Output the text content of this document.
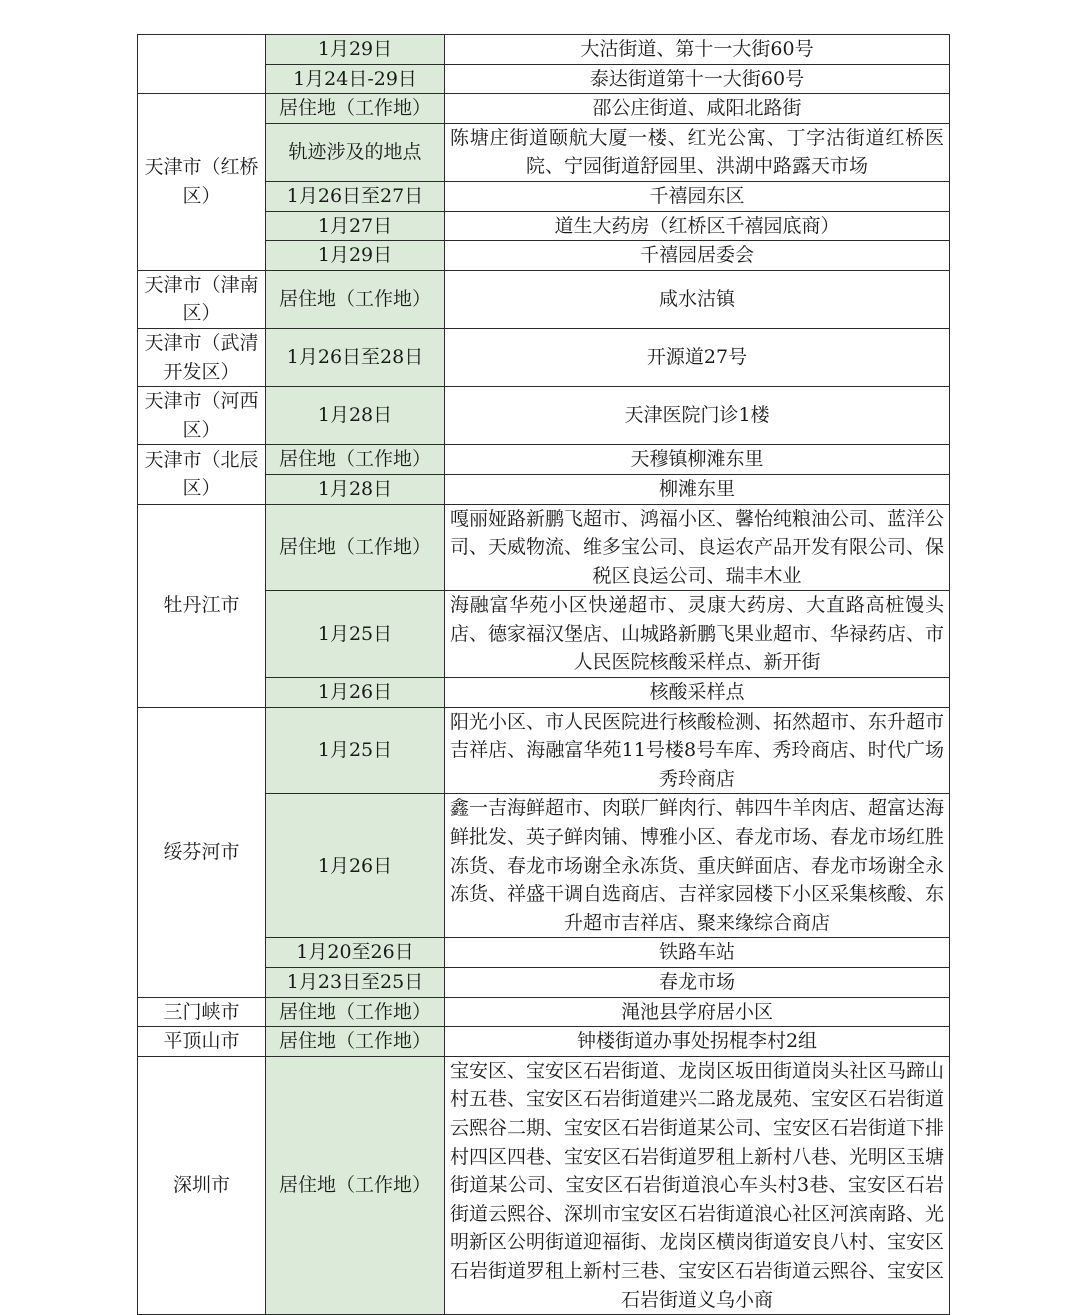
	1月29日	大沽街道、第十一大街60号
	1月24日-29日	泰达街道第十一大街60号
天津市（红桥区）	居住地（工作地）	邵公庄街道、咸阳北路街
	轨迹涉及的地点	陈塘庄街道颐航大厦一楼、红光公寓、丁字沽街道红桥医院、宁园街道舒园里、洪湖中路露天市场
	1月26日至27日	千禧园东区
	1月27日	道生大药房（红桥区千禧园底商）
	1月29日	千禧园居委会
天津市（津南区）	居住地（工作地）	咸水沽镇
天津市（武清开发区）	1月26日至28日	开源道27号
天津市（河西区）	1月28日	天津医院门诊1楼
天津市（北辰区）	居住地（工作地）	天穆镇柳滩东里
	1月28日	柳滩东里
牡丹江市	居住地（工作地）	嘎丽娅路新鹏飞超市、鸿福小区、馨怡纯粮油公司、蓝洋公司、天威物流、维多宝公司、良运农产品开发有限公司、保税区良运公司、瑞丰木业
	1月25日	海融富华苑小区快递超市、灵康大药房、大直路高桩馒头店、德家福汉堡店、山城路新鹏飞果业超市、华禄药店、市人民医院核酸采样点、新开街
	1月26日	核酸采样点
绥芬河市	1月25日	阳光小区、市人民医院进行核酸检测、拓然超市、东升超市吉祥店、海融富华苑11号楼8号车库、秀玲商店、时代广场秀玲商店
	1月26日	鑫一吉海鲜超市、肉联厂鲜肉行、韩四牛羊肉店、超富达海鲜批发、英子鲜肉铺、博雅小区、春龙市场、春龙市场红胜冻货、春龙市场谢全永冻货、重庆鲜面店、春龙市场谢全永冻货、祥盛干调自选商店、吉祥家园楼下小区采集核酸、东升超市吉祥店、聚来缘综合商店
	1月20至26日	铁路车站
	1月23日至25日	春龙市场
三门峡市	居住地（工作地）	渑池县学府居小区
平顶山市	居住地（工作地）	钟楼街道办事处拐棍李村2组
深圳市	居住地（工作地）	宝安区、宝安区石岩街道、龙岗区坂田街道岗头社区马蹄山村五巷、宝安区石岩街道建兴二路龙晟苑、宝安区石岩街道云熙谷二期、宝安区石岩街道某公司、宝安区石岩街道下排村四区四巷、宝安区石岩街道罗租上新村八巷、光明区玉塘街道某公司、宝安区石岩街道浪心车头村3巷、宝安区石岩街道云熙谷、深圳市宝安区石岩街道浪心社区河滨南路、光明新区公明街道迎福街、龙岗区横岗街道安良八村、宝安区石岩街道罗租上新村三巷、宝安区石岩街道云熙谷、宝安区石岩街道义乌小商
